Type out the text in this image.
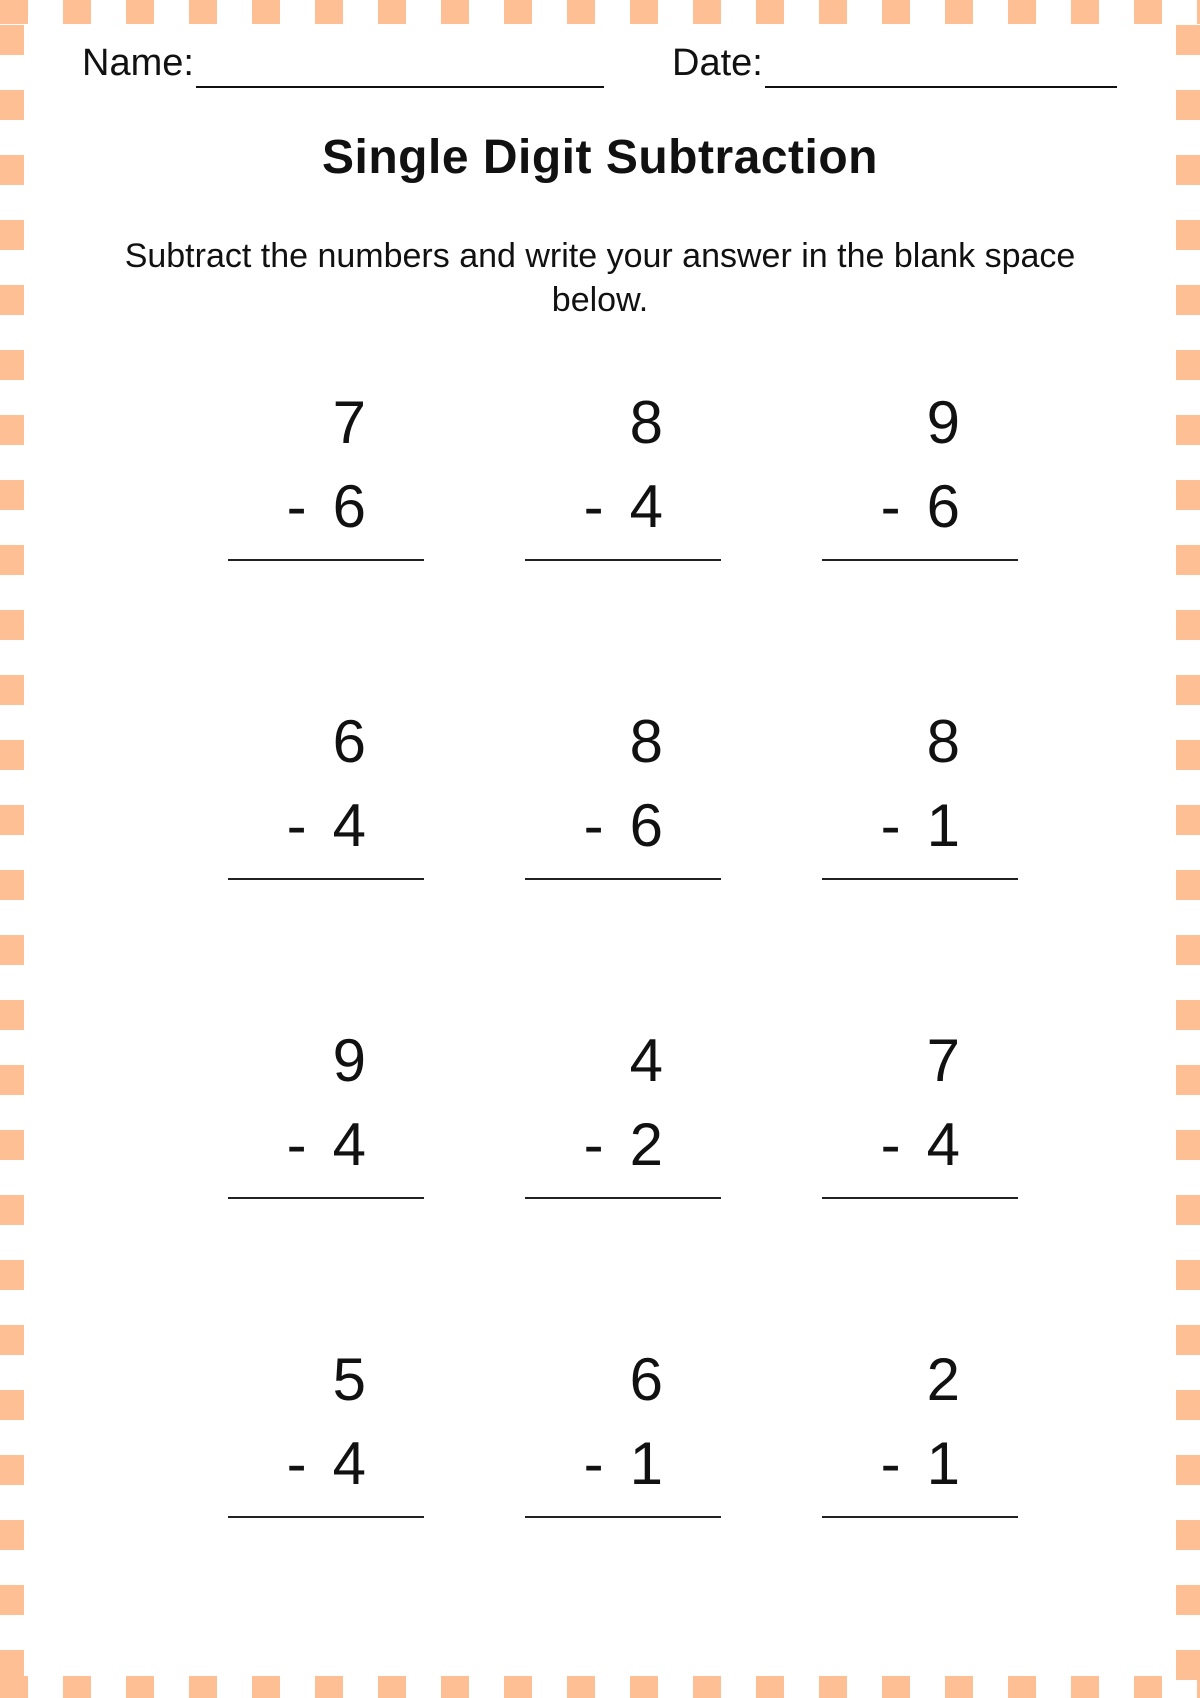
Name:	Date:
Single Digit Subtraction
Subtract the numbers and write your answer in the blank space below.
7
- 6
8
- 4
9
- 6
6
- 4
8
- 6
8
- 1
9
- 4
4
- 2
7
- 4
5
- 4
6
- 1
2
- 1
